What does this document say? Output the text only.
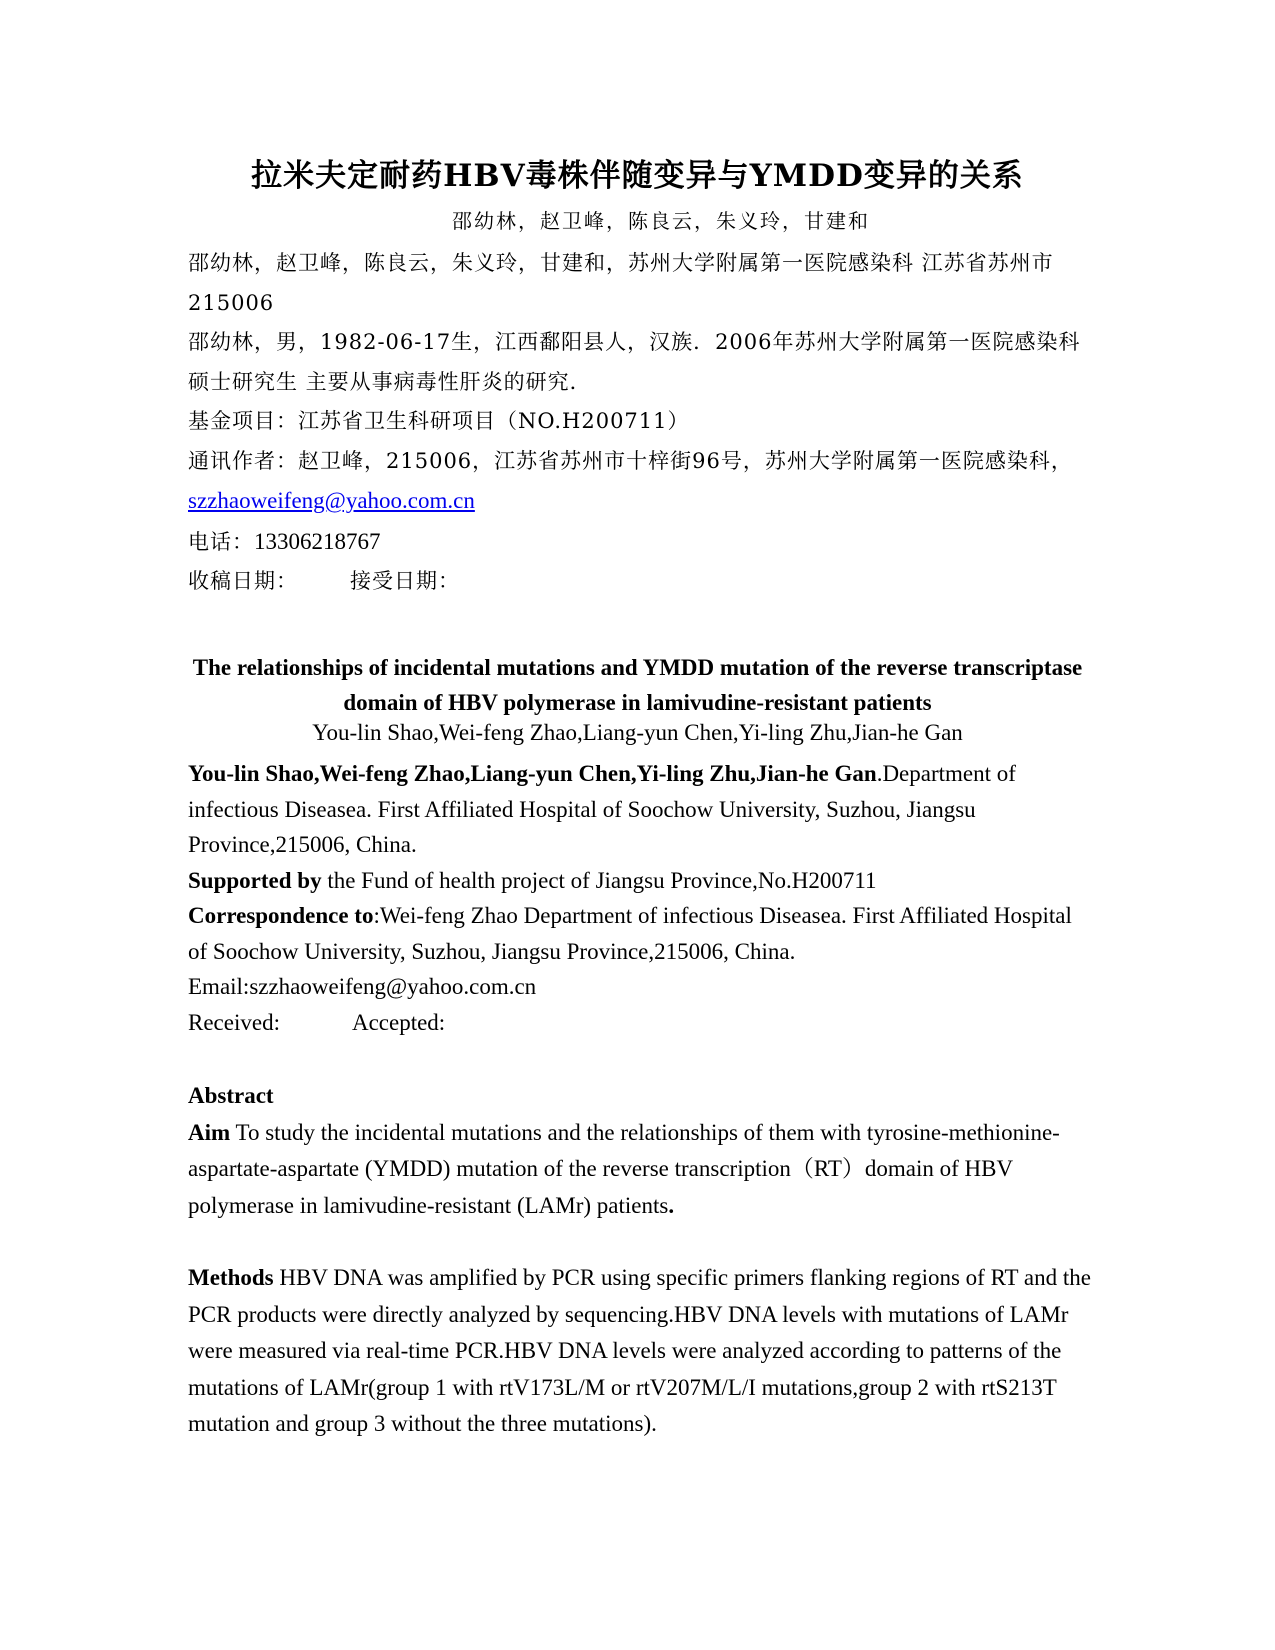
拉米夫定耐药HBV毒株伴随变异与YMDD变异的关系
邵幼林，赵卫峰，陈良云，朱义玲，甘建和

邵幼林，赵卫峰，陈良云，朱义玲，甘建和，苏州大学附属第一医院感染科 江苏省苏州市 215006

邵幼林，男，1982-06-17生，江西鄱阳县人，汉族．2006年苏州大学附属第一医院感染科 硕士研究生 主要从事病毒性肝炎的研究．

基金项目：江苏省卫生科研项目（NO.H200711）

通讯作者：赵卫峰，215006，江苏省苏州市十梓街96号，苏州大学附属第一医院感染科，szzhaoweifeng@yahoo.com.cn

电话：13306218767

收稿日期： 接受日期：

The relationships of incidental mutations and YMDD mutation of the reverse transcriptase domain of HBV polymerase in lamivudine-resistant patients
You-lin Shao,Wei-feng Zhao,Liang-yun Chen,Yi-ling Zhu,Jian-he Gan

You-lin Shao,Wei-feng Zhao,Liang-yun Chen,Yi-ling Zhu,Jian-he Gan.Department of infectious Diseasea. First Affiliated Hospital of Soochow University, Suzhou, Jiangsu Province,215006, China.

Supported by the Fund of health project of Jiangsu Province,No.H200711

Correspondence to:Wei-feng Zhao Department of infectious Diseasea. First Affiliated Hospital of Soochow University, Suzhou, Jiangsu Province,215006, China.

Email:szzhaoweifeng@yahoo.com.cn

Received:	Accepted:

Abstract

Aim To study the incidental mutations and the relationships of them with tyrosine-methionine-aspartate-aspartate (YMDD) mutation of the reverse transcription（RT）domain of HBV polymerase in lamivudine-resistant (LAMr) patients.

Methods HBV DNA was amplified by PCR using specific primers flanking regions of RT and the PCR products were directly analyzed by sequencing.HBV DNA levels with mutations of LAMr were measured via real-time PCR.HBV DNA levels were analyzed according to patterns of the mutations of LAMr(group 1 with rtV173L/M or rtV207M/L/I mutations,group 2 with rtS213T mutation and group 3 without the three mutations).
